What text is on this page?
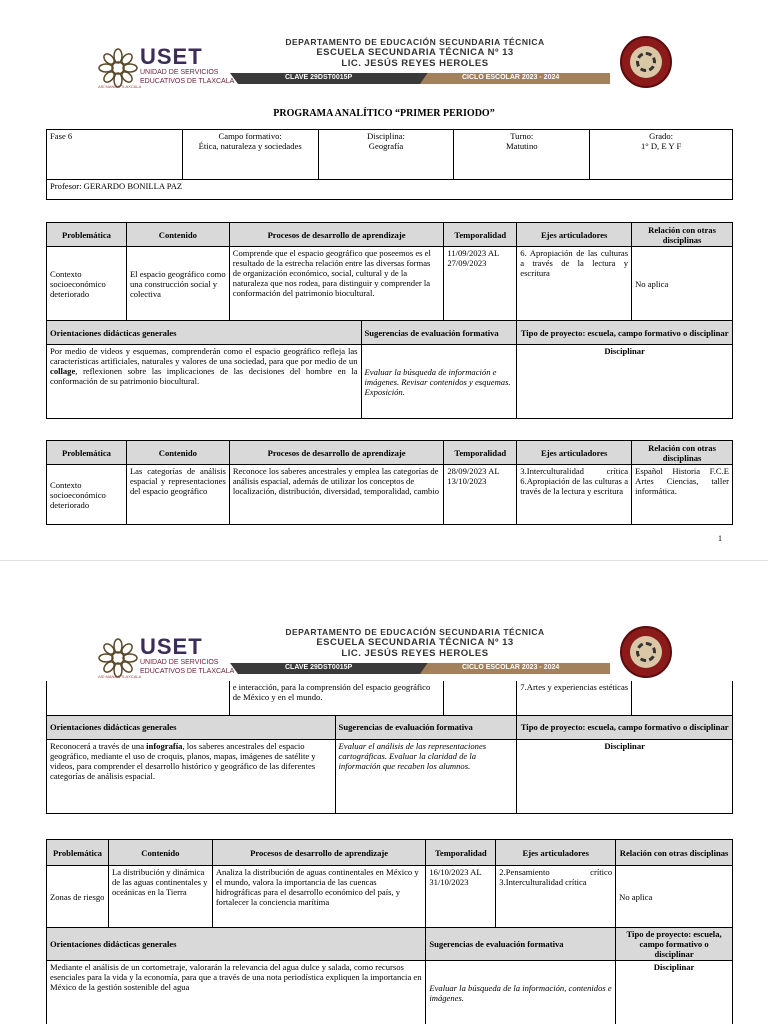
ASÍ MANDA TLAXCALA
USET
UNIDAD DE SERVICIOS
EDUCATIVOS DE TLAXCALA
DEPARTAMENTO DE EDUCACIÓN SECUNDARIA TÉCNICA
ESCUELA SECUNDARIA TÉCNICA Nº 13
LIC. JESÚS REYES HEROLES
CLAVE 29DST0015P	CICLO ESCOLAR 2023 - 2024
PROGRAMA ANALÍTICO “PRIMER PERIODO”
Fase 6	Campo formativo:
Ética, naturaleza y sociedades

Disciplina:
Geografía

Turno:
Matutino

Grado:
1° D, E Y F

Profesor: GERARDO BONILLA PAZ
Problemática	Contenido	Procesos de desarrollo de aprendizaje		Temporalidad	Ejes articuladores	Relación con otras disciplinas
Contexto socioeconómico deteriorado	El espacio geográfico como una construcción social y colectiva	Comprende que el espacio geográfico que poseemos es el resultado de la estrecha relación entre las diversas formas de organización económico, social, cultural y de la naturaleza que nos rodea, para distinguir y comprender la conformación del patrimonio biocultural.		11/09/2023 AL 27/09/2023	6. Apropiación de las culturas a través de la lectura y escritura	No aplica
Orientaciones didácticas generales			Sugerencias de evaluación formativa		Tipo de proyecto: escuela, campo formativo o disciplinar	
Por medio de videos y esquemas, comprenderán como el espacio geográfico refleja las características artificiales, naturales y valores de una sociedad, para que por medio de un collage, reflexionen sobre las implicaciones de las decisiones del hombre en la conformación de su patrimonio biocultural.			Evaluar la búsqueda de información e imágenes. Revisar contenidos y esquemas. Exposición.		Disciplinar	
Problemática	Contenido	Procesos de desarrollo de aprendizaje	Temporalidad	Ejes articuladores	Relación con otras disciplinas
Contexto socioeconómico deteriorado	Las categorías de análisis espacial y representaciones del espacio geográfico	Reconoce los saberes ancestrales y emplea las categorías de análisis espacial, además de utilizar los conceptos de localización, distribución, diversidad, temporalidad, cambio	28/09/2023 AL 13/10/2023	3.Interculturalidad crítica 6.Apropiación de las culturas a través de la lectura y escritura	Español Historia F.C.E Artes Ciencias, taller informática.
1
ASÍ MANDA TLAXCALA
USET
UNIDAD DE SERVICIOS
EDUCATIVOS DE TLAXCALA
DEPARTAMENTO DE EDUCACIÓN SECUNDARIA TÉCNICA
ESCUELA SECUNDARIA TÉCNICA Nº 13
LIC. JESÚS REYES HEROLES
CLAVE 29DST0015P	CICLO ESCOLAR 2023 - 2024
	e interacción, para la comprensión del espacio geográfico de México y en el mundo.			7.Artes y experiencias estéticas	
Orientaciones didácticas generales		Sugerencias de evaluación formativa		Tipo de proyecto: escuela, campo formativo o disciplinar	
Reconocerá a través de una infografía, los saberes ancestrales del espacio geográfico, mediante el uso de croquis, planos, mapas, imágenes de satélite y videos, para comprender el desarrollo histórico y geográfico de las diferentes categorías de análisis espacial.		Evaluar el análisis de las representaciones cartográficas. Evaluar la claridad de la información que recaben los alumnos.		Disciplinar	
Problemática	Contenido	Procesos de desarrollo de aprendizaje	Temporalidad	Ejes articuladores	Relación con otras disciplinas
Zonas de riesgo	La distribución y dinámica de las aguas continentales y oceánicas en la Tierra	Analiza la distribución de aguas continentales en México y el mundo, valora la importancia de las cuencas hidrográficas para el desarrollo económico del país, y fortalecer la conciencia marítima	16/10/2023 AL 31/10/2023	2.Pensamiento crítico 3.Interculturalidad crítica	No aplica
Orientaciones didácticas generales			Sugerencias de evaluación formativa		Tipo de proyecto: escuela, campo formativo o disciplinar
Mediante el análisis de un cortometraje, valorarán la relevancia del agua dulce y salada, como recursos esenciales para la vida y la economía, para que a través de una nota periodística expliquen la importancia en México de la gestión sostenible del agua			Evaluar la búsqueda de la información, contenidos e imágenes.		Disciplinar
